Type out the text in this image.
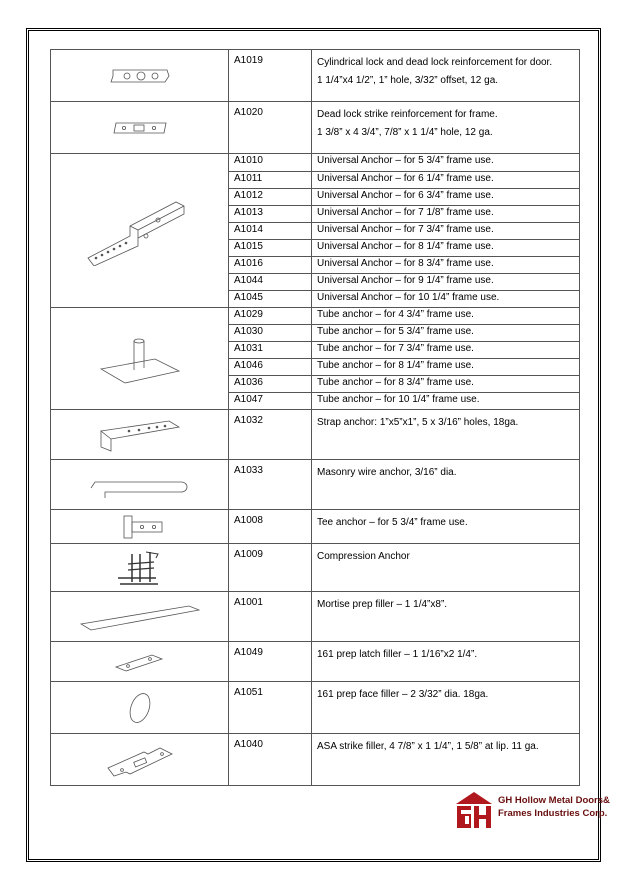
	A1019	Cylindrical lock and dead lock reinforcement for door.
1 1/4”x4 1/2”, 1” hole, 3/32” offset, 12 ga.

	A1020	Dead lock strike reinforcement for frame.
1 3/8” x 4 3/4”, 7/8” x 1 1/4” hole, 12 ga.

	A1010	Universal Anchor – for 5 3/4” frame use.
	A1011	Universal Anchor – for 6 1/4” frame use.
	A1012	Universal Anchor – for 6 3/4” frame use.
	A1013	Universal Anchor – for 7 1/8” frame use.
	A1014	Universal Anchor – for 7 3/4” frame use.
	A1015	Universal Anchor – for 8 1/4” frame use.
	A1016	Universal Anchor – for 8 3/4” frame use.
	A1044	Universal Anchor – for 9 1/4” frame use.
	A1045	Universal Anchor – for 10 1/4” frame use.

	A1029	Tube anchor – for 4 3/4” frame use.
	A1030	Tube anchor – for 5 3/4” frame use.
	A1031	Tube anchor – for 7 3/4” frame use.
	A1046	Tube anchor – for 8 1/4” frame use.
	A1036	Tube anchor – for 8 3/4” frame use.
	A1047	Tube anchor – for 10 1/4” frame use.

	A1032	Strap anchor: 1”x5”x1”, 5 x 3/16” holes, 18ga.

	A1033	Masonry wire anchor, 3/16” dia.

	A1008	Tee anchor – for 5 3/4” frame use.

	A1009	Compression Anchor

	A1001	Mortise prep filler – 1 1/4”x8”.

	A1049	161 prep latch filler – 1 1/16”x2 1/4”.

	A1051	161 prep face filler – 2 3/32” dia. 18ga.

	A1040	ASA strike filler, 4 7/8” x 1 1/4”, 1 5/8” at lip. 11 ga.
GH Hollow Metal Doors&
Frames Industries Corp.
